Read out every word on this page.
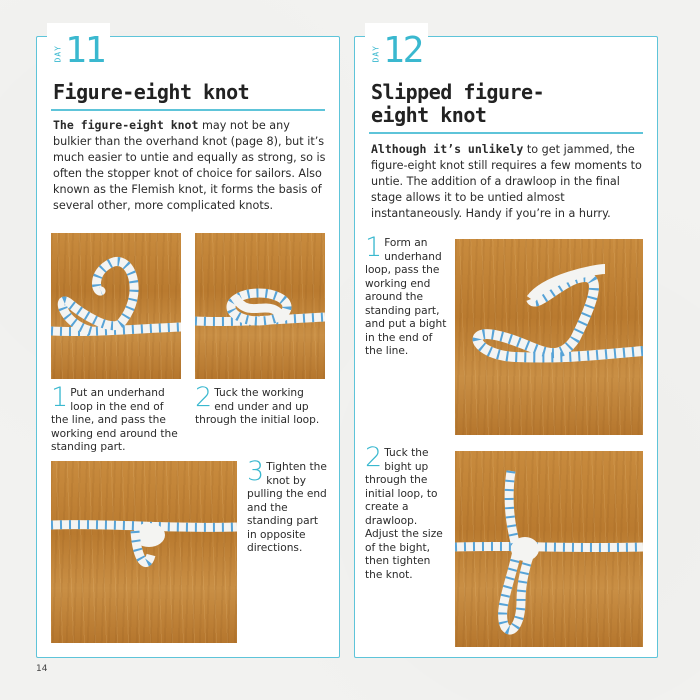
DAY 11
Figure-eight knot
The figure-eight knot may not be any bulkier than the overhand knot (page 8), but it’s much easier to untie and equally as strong, so is often the stopper knot of choice for sailors. Also known as the Flemish knot, it forms the basis of several other, more complicated knots.
1 Put an underhand loop in the end of the line, and pass the working end around the standing part.
2 Tuck the working end under and up through the initial loop.
3 Tighten the knot by pulling the end and the standing part in opposite directions.
DAY 12
Slipped figure-
eight knot
Although it’s unlikely to get jammed, the figure-eight knot still requires a few moments to untie. The addition of a drawloop in the final stage allows it to be untied almost instantaneously. Handy if you’re in a hurry.
1 Form an underhand loop, pass the working end around the standing part, and put a bight in the end of the line.
2 Tuck the bight up through the initial loop, to create a drawloop. Adjust the size of the bight, then tighten the knot.
14
